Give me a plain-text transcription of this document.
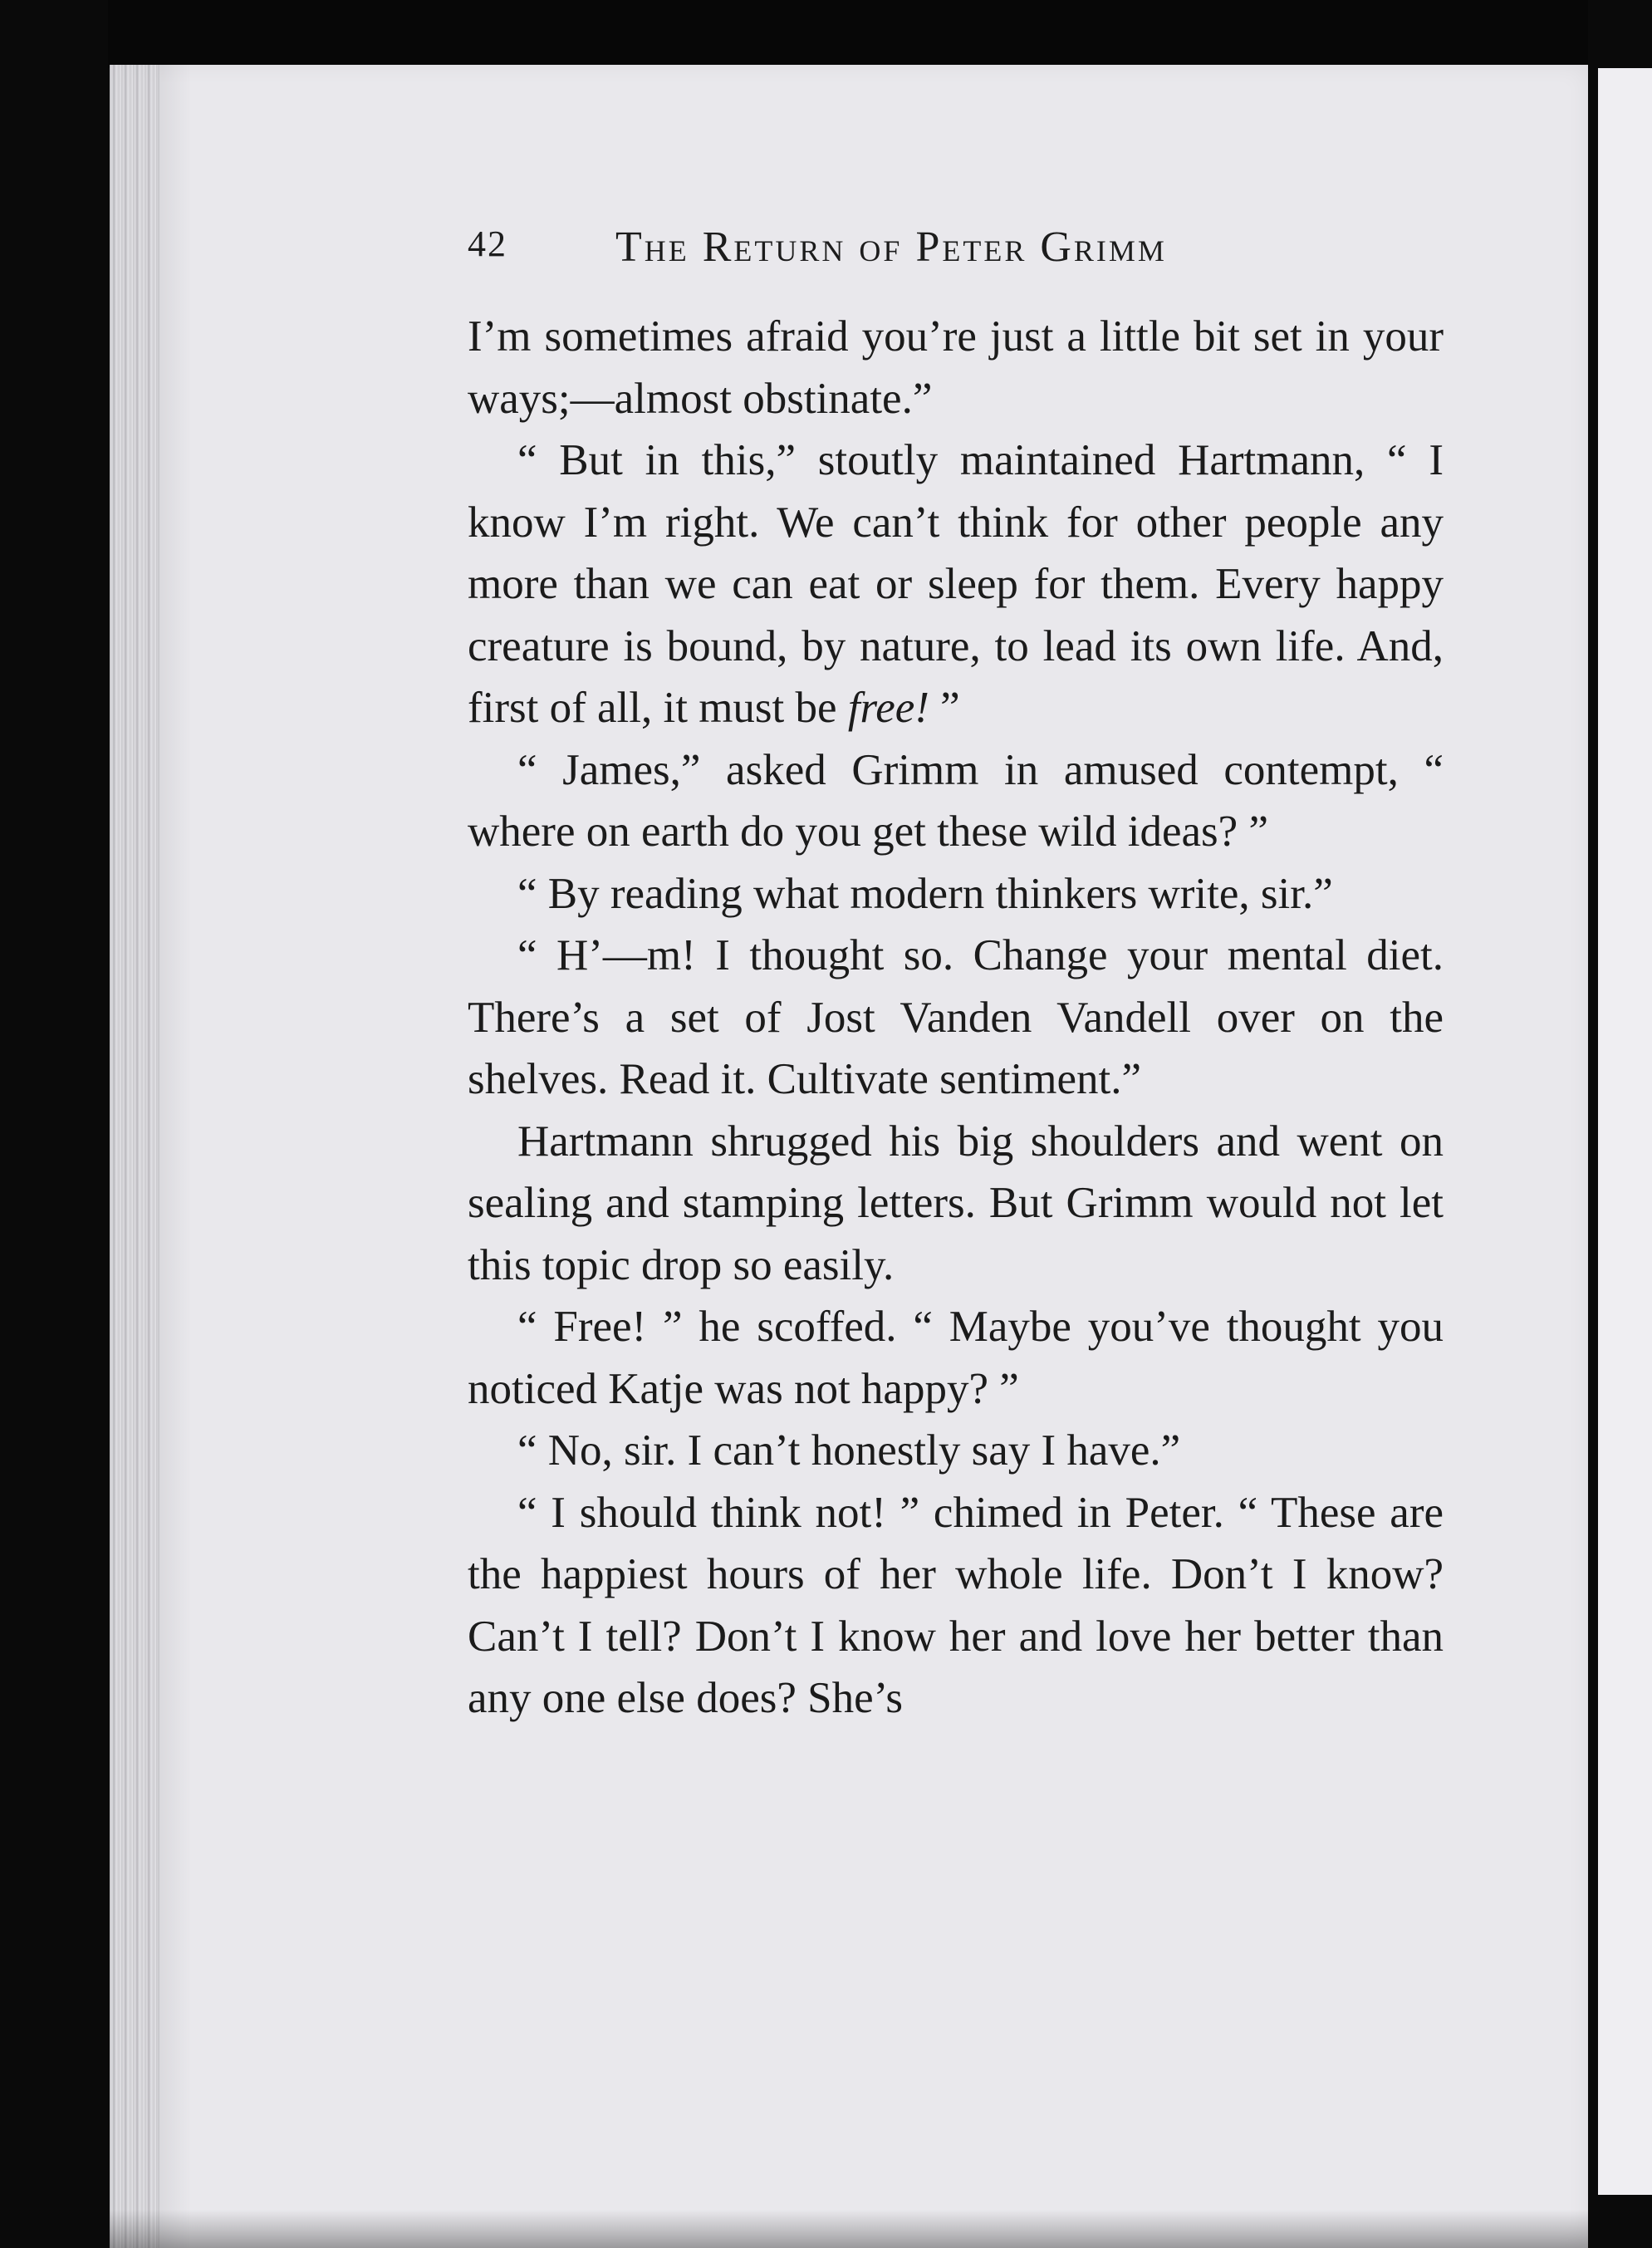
42	The Return of Peter Grimm

I’m sometimes afraid you’re just a little bit set in your ways;—almost obstinate.”

“ But in this,” stoutly maintained Hartmann, “ I know I’m right. We can’t think for other people any more than we can eat or sleep for them. Every happy creature is bound, by nature, to lead its own life. And, first of all, it must be free! ”

“ James,” asked Grimm in amused contempt, “ where on earth do you get these wild ideas? ”

“ By reading what modern thinkers write, sir.”

“ H’—m! I thought so. Change your mental diet. There’s a set of Jost Vanden Vandell over on the shelves. Read it. Cultivate sentiment.”

Hartmann shrugged his big shoulders and went on sealing and stamping letters. But Grimm would not let this topic drop so easily.

“ Free! ” he scoffed. “ Maybe you’ve thought you noticed Katje was not happy? ”

“ No, sir. I can’t honestly say I have.”

“ I should think not! ” chimed in Peter. “ These are the happiest hours of her whole life. Don’t I know? Can’t I tell? Don’t I know her and love her better than any one else does? She’s
